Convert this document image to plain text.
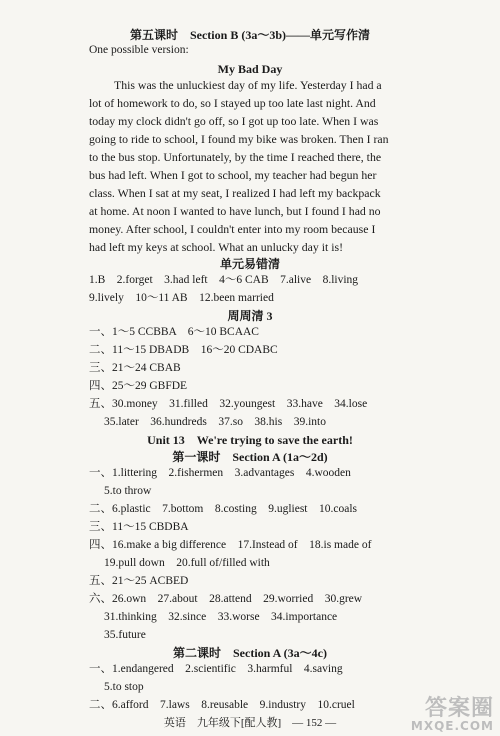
第五课时　Section B (3a～3b)——单元写作清
One possible version:
My Bad Day
This was the unluckiest day of my life. Yesterday I had a
lot of homework to do, so I stayed up too late last night. And
today my clock didn't go off, so I got up too late. When I was
going to ride to school, I found my bike was broken. Then I ran
to the bus stop. Unfortunately, by the time I reached there, the
bus had left. When I got to school, my teacher had begun her
class. When I sat at my seat, I realized I had left my backpack
at home. At noon I wanted to have lunch, but I found I had no
money. After school, I couldn't enter into my room because I
had left my keys at school. What an unlucky day it is!
单元易错清
1.B　2.forget　3.had left　4～6 CAB　7.alive　8.living
9.lively　10～11 AB　12.been married
周周清 3
一、1～5 CCBBA　6～10 BCAAC
二、11～15 DBADB　16～20 CDABC
三、21～24 CBAB
四、25～29 GBFDE
五、30.money　31.filled　32.youngest　33.have　34.lose
35.later　36.hundreds　37.so　38.his　39.into
Unit 13　We're trying to save the earth!
第一课时　Section A (1a～2d)
一、1.littering　2.fishermen　3.advantages　4.wooden
5.to throw
二、6.plastic　7.bottom　8.costing　9.ugliest　10.coals
三、11～15 CBDBA
四、16.make a big difference　17.Instead of　18.is made of
19.pull down　20.full of/filled with
五、21～25 ACBED
六、26.own　27.about　28.attend　29.worried　30.grew
31.thinking　32.since　33.worse　34.importance
35.future
第二课时　Section A (3a～4c)
一、1.endangered　2.scientific　3.harmful　4.saving
5.to stop
二、6.afford　7.laws　8.reusable　9.industry　10.cruel
英语　九年级下[配人教]　— 152 —
答案圈
MXQE.COM
